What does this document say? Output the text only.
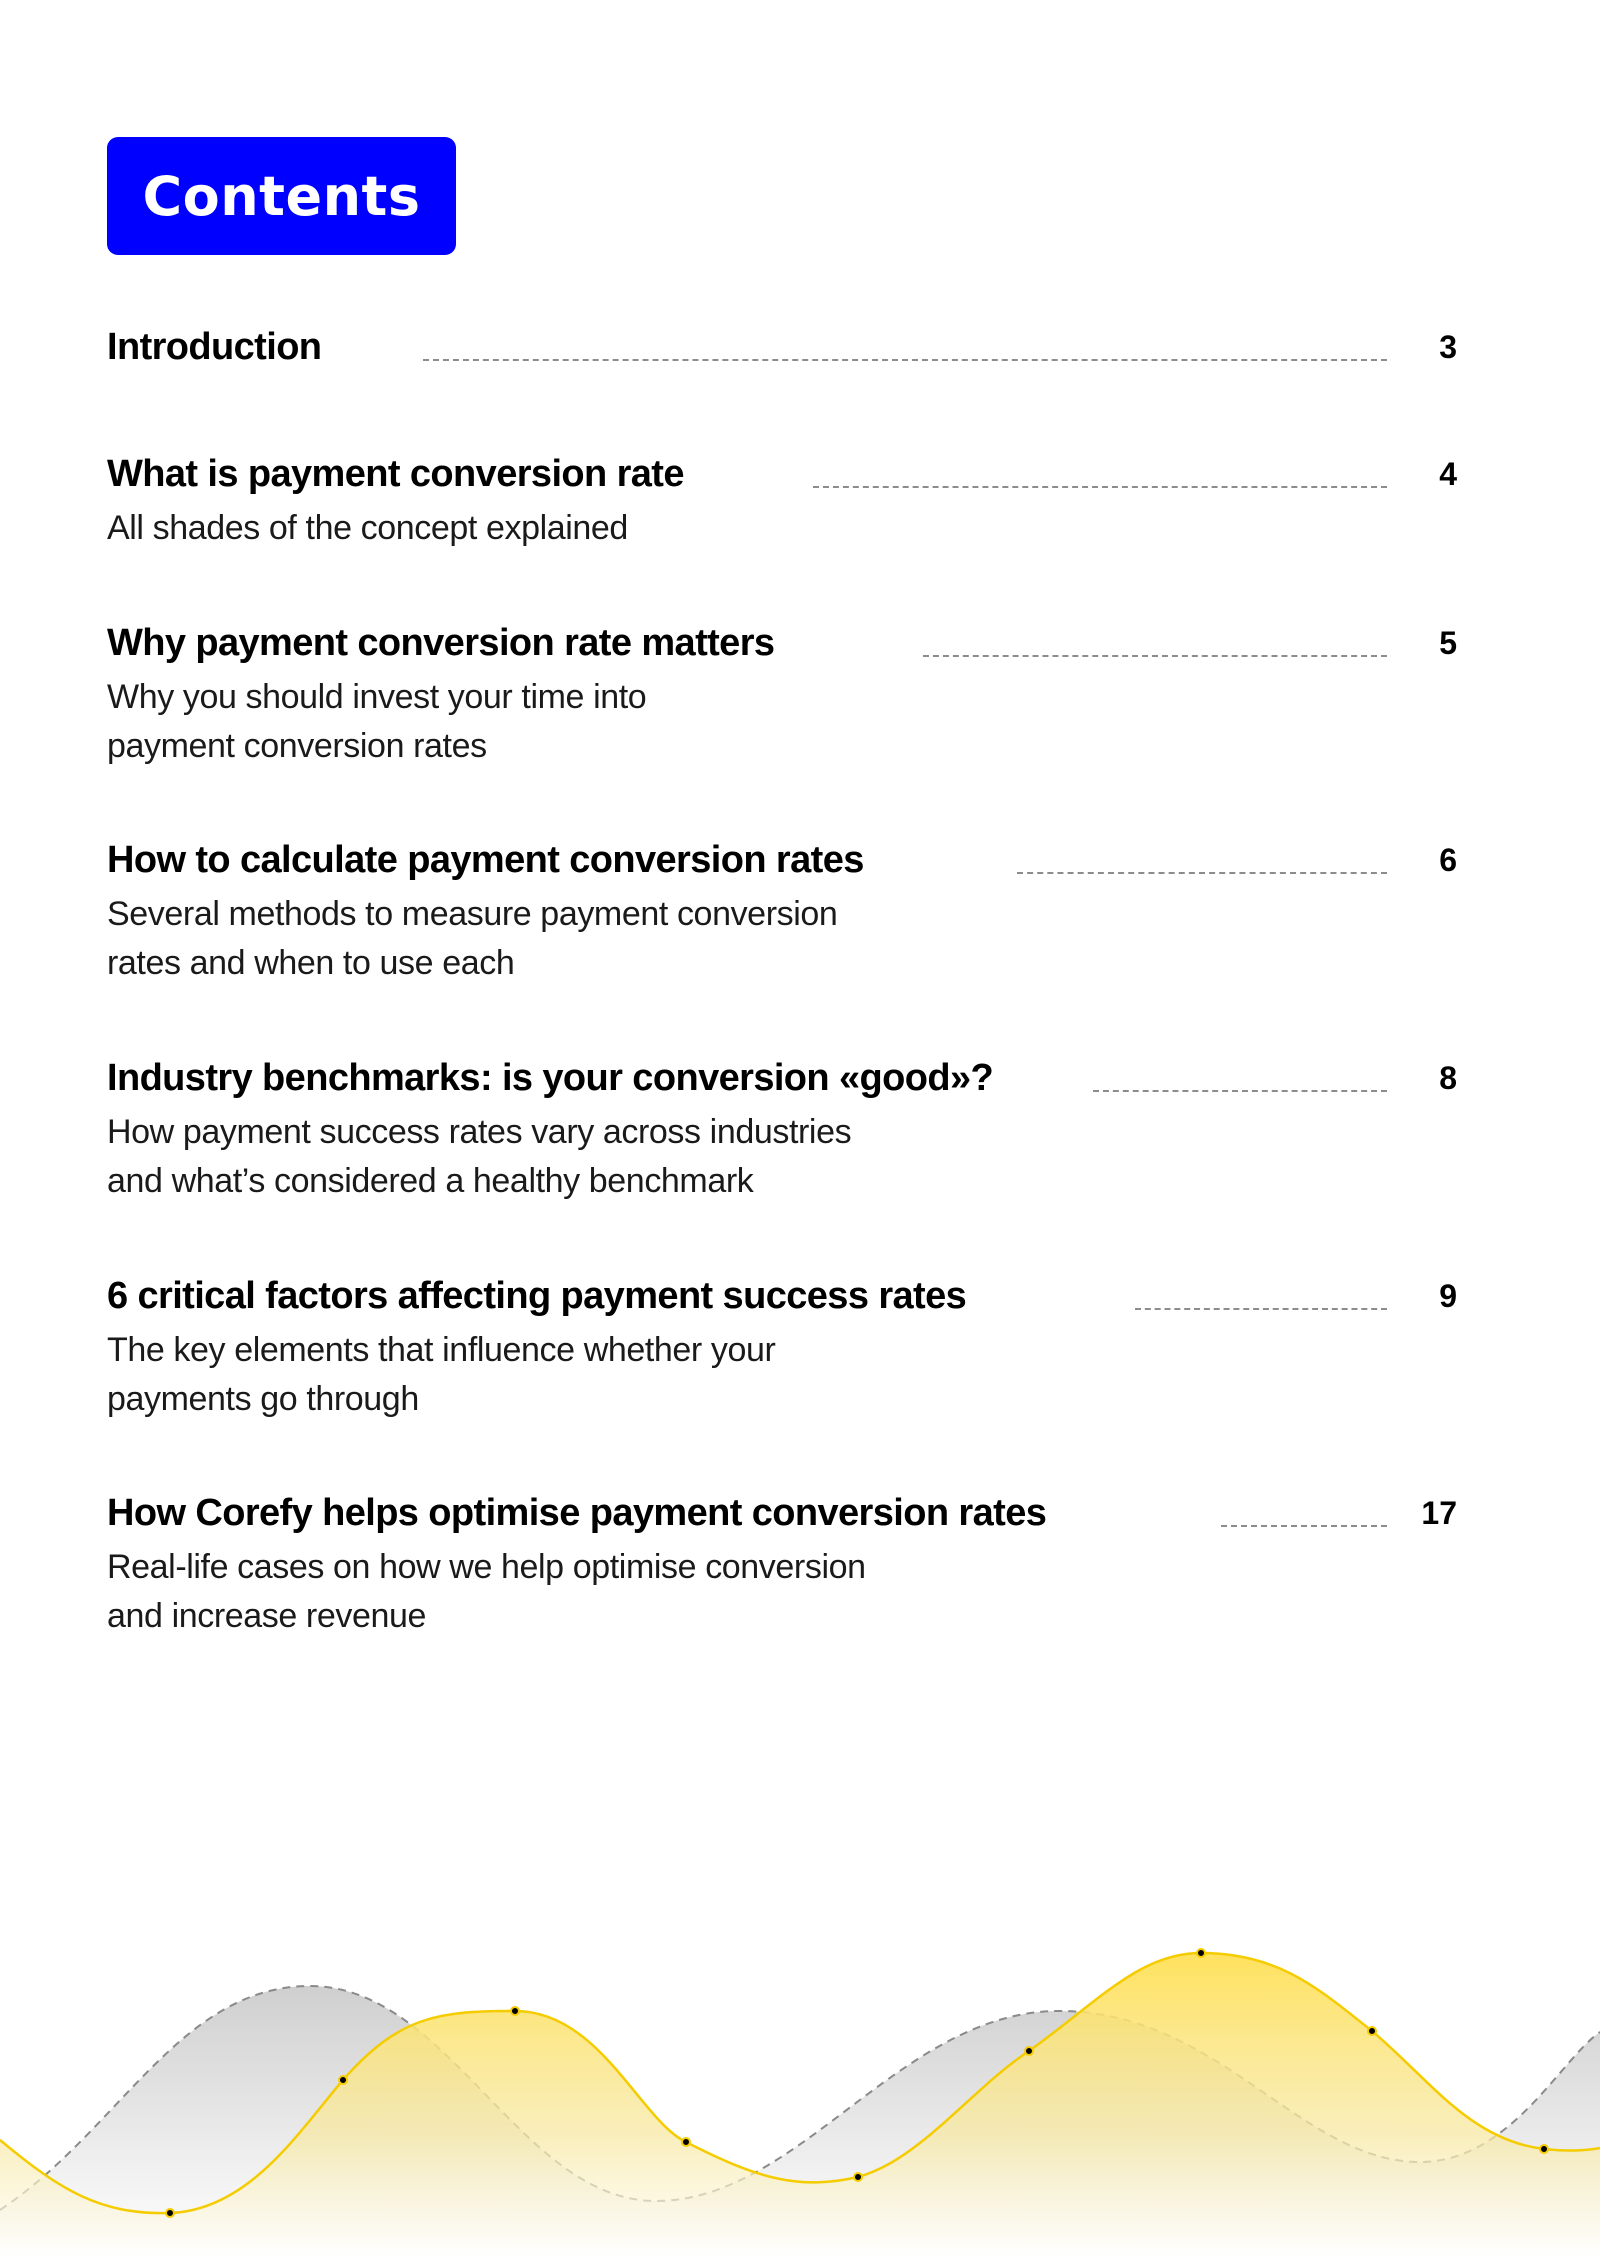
Contents
Introduction	3
What is payment conversion rate	4
All shades of the concept explained
Why payment conversion rate matters	5
Why you should invest your time into
payment conversion rates
How to calculate payment conversion rates	6
Several methods to measure payment conversion
rates and when to use each
Industry benchmarks: is your conversion «good»?	8
How payment success rates vary across industries
and what’s considered a healthy benchmark
6 critical factors affecting payment success rates	9
The key elements that influence whether your
payments go through
How Corefy helps optimise payment conversion rates	17
Real-life cases on how we help optimise conversion
and increase revenue
